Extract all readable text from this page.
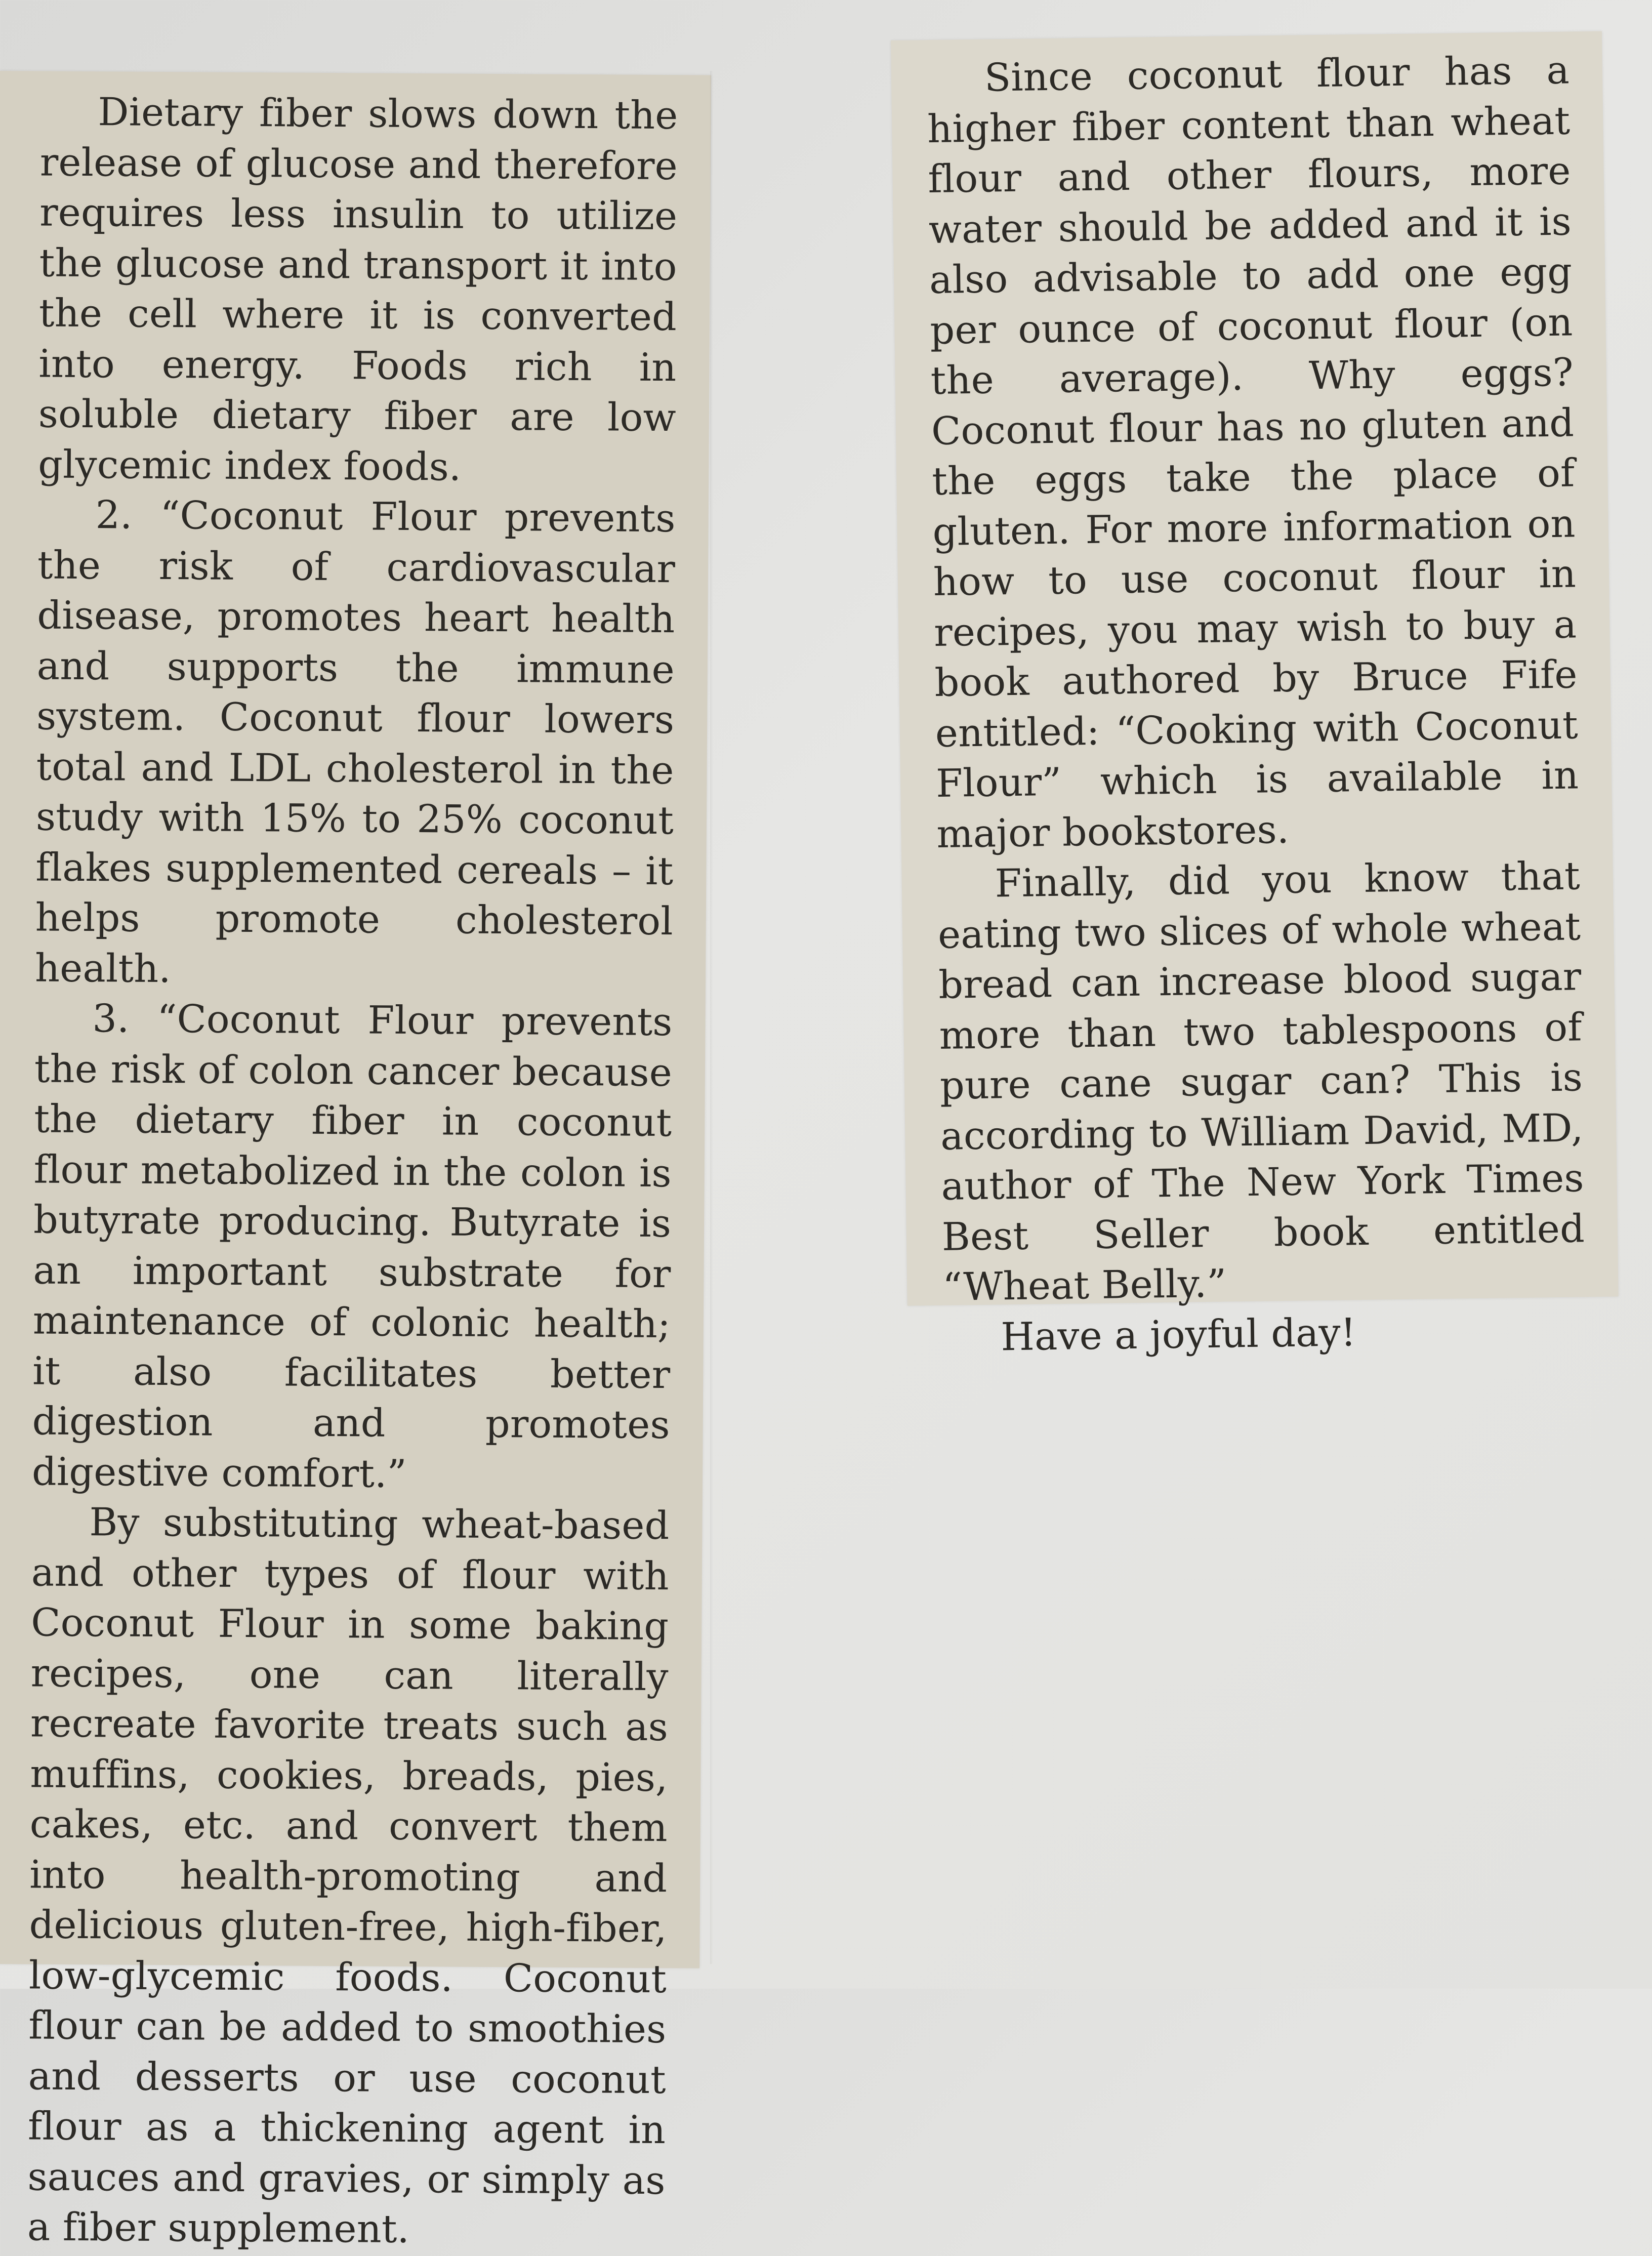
Dietary fiber slows down the release of glucose and therefore requires less insulin to utilize the glucose and transport it into the cell where it is converted into energy. Foods rich in soluble dietary fiber are low glycemic index foods.

2. “Coconut Flour prevents the risk of cardiovascular disease, promotes heart health and supports the immune system. Coconut flour lowers total and LDL cholesterol in the study with 15% to 25% coconut flakes supplemented cereals – it helps promote cholesterol health.

3. “Coconut Flour prevents the risk of colon cancer because the dietary fiber in coconut flour metabolized in the colon is butyrate producing. Butyrate is an important substrate for maintenance of colonic health; it also facilitates better digestion and promotes digestive comfort.”

By substituting wheat-based and other types of flour with Coconut Flour in some baking recipes, one can literally recreate favorite treats such as muffins, cookies, breads, pies, cakes, etc. and convert them into health-promoting and delicious gluten-free, high-fiber, low-glycemic foods. Coconut flour can be added to smoothies and desserts or use coconut flour as a thickening agent in sauces and gravies, or simply as a fiber supplement.

Since coconut flour has a higher fiber content than wheat flour and other flours, more water should be added and it is also advisable to add one egg per ounce of coconut flour (on the average). Why eggs? Coconut flour has no gluten and the eggs take the place of gluten. For more information on how to use coconut flour in recipes, you may wish to buy a book authored by Bruce Fife entitled: “Cooking with Coconut Flour” which is available in major bookstores.

Finally, did you know that eating two slices of whole wheat bread can increase blood sugar more than two tablespoons of pure cane sugar can? This is according to William David, MD, author of The New York Times Best Seller book entitled “Wheat Belly.”

Have a joyful day!
